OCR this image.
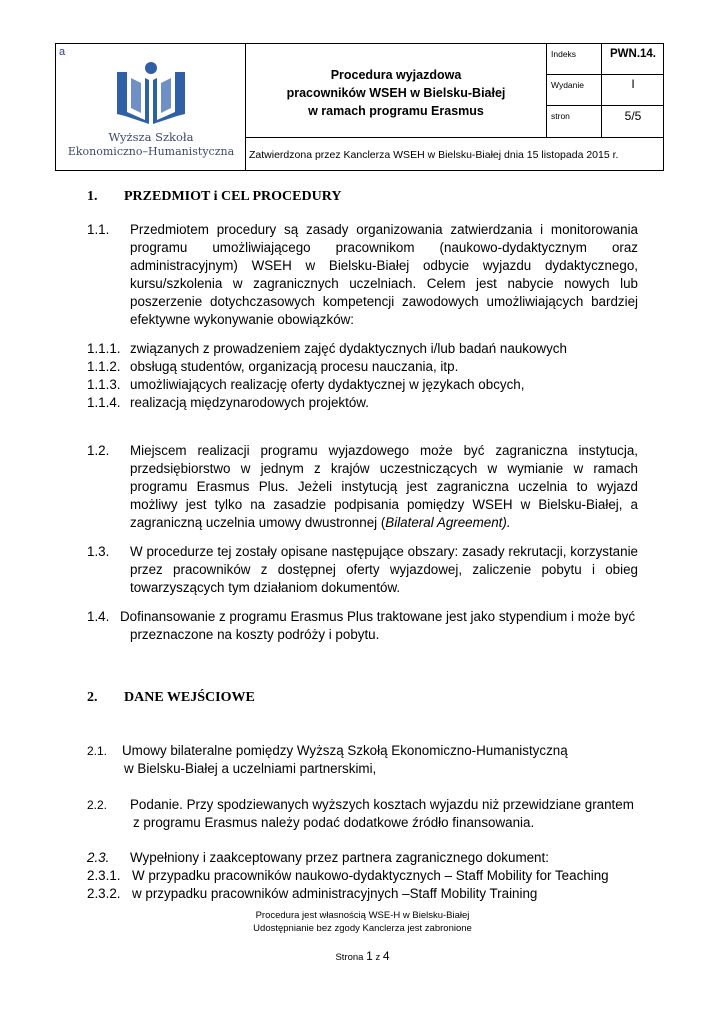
a
Wyższa Szkoła
Ekonomiczno–Humanistyczna
Procedura wyjazdowa
pracowników WSEH w Bielsku-Białej
w ramach programu Erasmus
Indeks	PWN.14.
Wydanie	I
stron	5/5
Zatwierdzona przez Kanclerza WSEH w Bielsku-Białej dnia 15 listopada 2015 r.
1. PRZEDMIOT i CEL PROCEDURY
1.1. Przedmiotem procedury są zasady organizowania zatwierdzania i monitorowania programu umożliwiającego pracownikom (naukowo-dydaktycznym oraz administracyjnym) WSEH w Bielsku-Białej odbycie wyjazdu dydaktycznego, kursu/szkolenia w zagranicznych uczelniach. Celem jest nabycie nowych lub poszerzenie dotychczasowych kompetencji zawodowych umożliwiających bardziej efektywne wykonywanie obowiązków:
1.1.1. związanych z prowadzeniem zajęć dydaktycznych i/lub badań naukowych
1.1.2. obsługą studentów, organizacją procesu nauczania, itp.
1.1.3. umożliwiających realizację oferty dydaktycznej w językach obcych,
1.1.4. realizacją międzynarodowych projektów.
1.2. Miejscem realizacji programu wyjazdowego może być zagraniczna instytucja, przedsiębiorstwo w jednym z krajów uczestniczących w wymianie w ramach programu Erasmus Plus. Jeżeli instytucją jest zagraniczna uczelnia to wyjazd możliwy jest tylko na zasadzie podpisania pomiędzy WSEH w Bielsku-Białej, a zagraniczną uczelnia umowy dwustronnej (Bilateral Agreement).
1.3. W procedurze tej zostały opisane następujące obszary: zasady rekrutacji, korzystanie przez pracowników z dostępnej oferty wyjazdowej, zaliczenie pobytu i obieg towarzyszących tym działaniom dokumentów.
1.4. Dofinansowanie z programu Erasmus Plus traktowane jest jako stypendium i może być
przeznaczone na koszty podróży i pobytu.
2. DANE WEJŚCIOWE
2.1. Umowy bilateralne pomiędzy Wyższą Szkołą Ekonomiczno-Humanistyczną
w Bielsku-Białej a uczelniami partnerskimi,
2.2. Podanie. Przy spodziewanych wyższych kosztach wyjazdu niż przewidziane grantem
z programu Erasmus należy podać dodatkowe źródło finansowania.
2.3. Wypełniony i zaakceptowany przez partnera zagranicznego dokument:
2.3.1. W przypadku pracowników naukowo-dydaktycznych – Staff Mobility for Teaching
2.3.2. w przypadku pracowników administracyjnych –Staff Mobility Training
Procedura jest własnością WSE-H w Bielsku-Białej
Udostępnianie bez zgody Kanclerza jest zabronione
Strona 1 z 4
